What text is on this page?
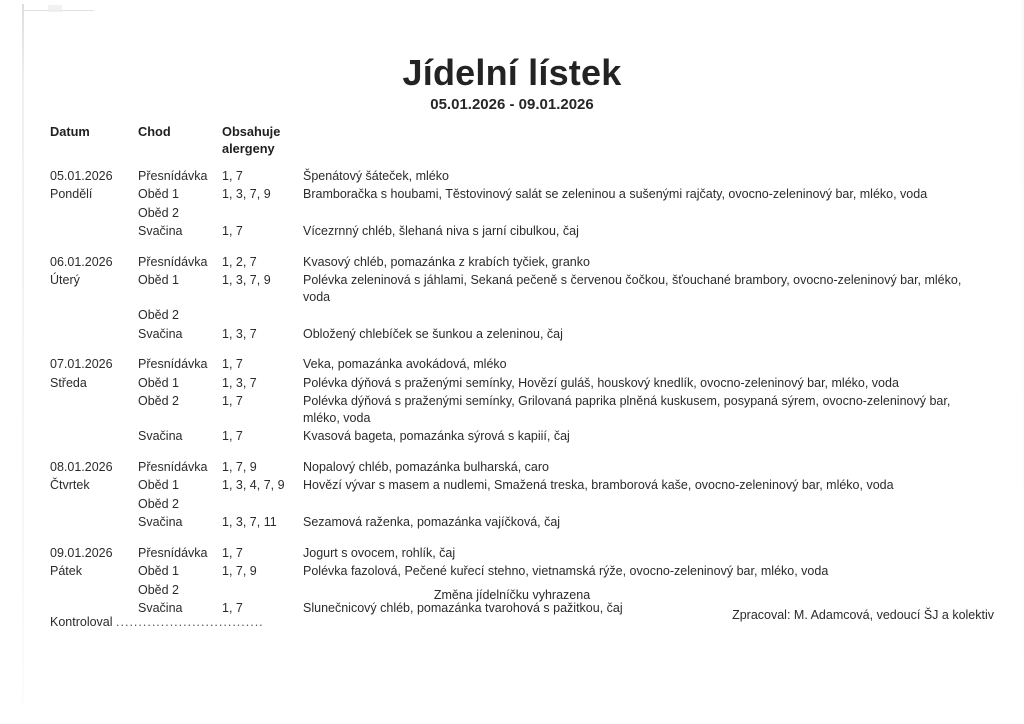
Jídelní lístek
05.01.2026 - 09.01.2026
Datum	Chod	Obsahuje
alergeny	

05.01.2026	Přesnídávka	1, 7	Špenátový šáteček, mléko
Pondělí	Oběd 1	1, 3, 7, 9	Bramboračka s houbami, Těstovinový salát se zeleninou a sušenými rajčaty, ovocno-zeleninový bar, mléko, voda
	Oběd 2		
	Svačina	1, 7	Vícezrnný chléb, šlehaná niva s jarní cibulkou, čaj
06.01.2026	Přesnídávka	1, 2, 7	Kvasový chléb, pomazánka z krabích tyčiek, granko
Úterý	Oběd 1	1, 3, 7, 9	Polévka zeleninová s jáhlami, Sekaná pečeně s červenou čočkou, šťouchané brambory, ovocno-zeleninový bar, mléko, voda
	Oběd 2		
	Svačina	1, 3, 7	Obložený chlebíček se šunkou a zeleninou, čaj
07.01.2026	Přesnídávka	1, 7	Veka, pomazánka avokádová, mléko
Středa	Oběd 1	1, 3, 7	Polévka dýňová s praženými semínky, Hovězí guláš, houskový knedlík, ovocno-zeleninový bar, mléko, voda
	Oběd 2	1, 7	Polévka dýňová s praženými semínky, Grilovaná paprika plněná kuskusem, posypaná sýrem, ovocno-zeleninový bar, mléko, voda
	Svačina	1, 7	Kvasová bageta, pomazánka sýrová s kapiií, čaj
08.01.2026	Přesnídávka	1, 7, 9	Nopalový chléb, pomazánka bulharská, caro
Čtvrtek	Oběd 1	1, 3, 4, 7, 9	Hovězí vývar s masem a nudlemi, Smažená treska, bramborová kaše, ovocno-zeleninový bar, mléko, voda
	Oběd 2		
	Svačina	1, 3, 7, 11	Sezamová raženka, pomazánka vajíčková, čaj
09.01.2026	Přesnídávka	1, 7	Jogurt s ovocem, rohlík, čaj
Pátek	Oběd 1	1, 7, 9	Polévka fazolová, Pečené kuřecí stehno, vietnamská rýže, ovocno-zeleninový bar, mléko, voda
	Oběd 2		
	Svačina	1, 7	Slunečnicový chléb, pomazánka tvarohová s pažitkou, čaj
Změna jídelníčku vyhrazena
Zpracoval: M. Adamcová, vedoucí ŠJ a kolektiv
Kontroloval .................................
